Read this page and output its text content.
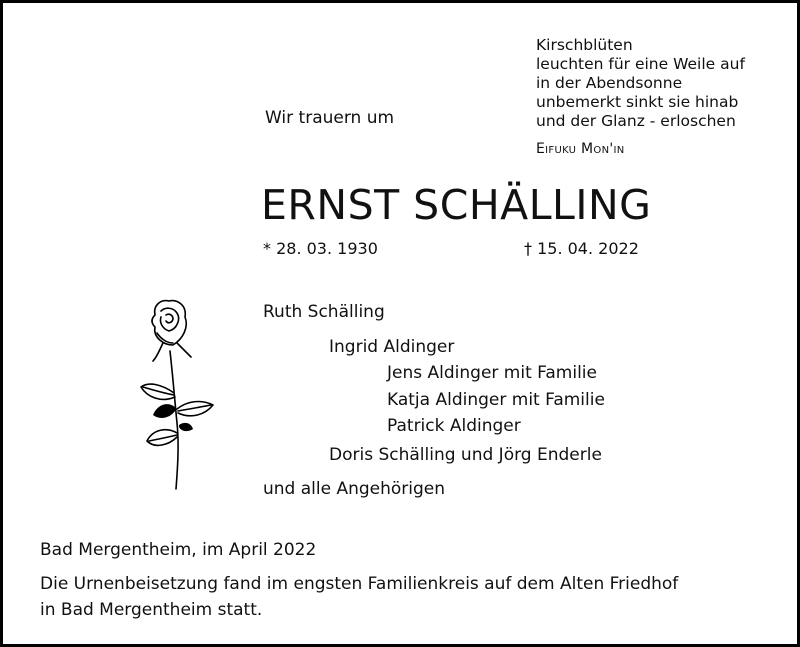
Kirschblüten
leuchten für eine Weile auf
in der Abendsonne
unbemerkt sinkt sie hinab
und der Glanz - erloschen
Eifuku Mon'in
Wir trauern um
ERNST SCHÄLLING
* 28. 03. 1930	† 15. 04. 2022
Ruth Schälling
Ingrid Aldinger
Jens Aldinger mit Familie
Katja Aldinger mit Familie
Patrick Aldinger
Doris Schälling und Jörg Enderle
und alle Angehörigen
Bad Mergentheim, im April 2022
Die Urnenbeisetzung fand im engsten Familienkreis auf dem Alten Friedhof
in Bad Mergentheim statt.
